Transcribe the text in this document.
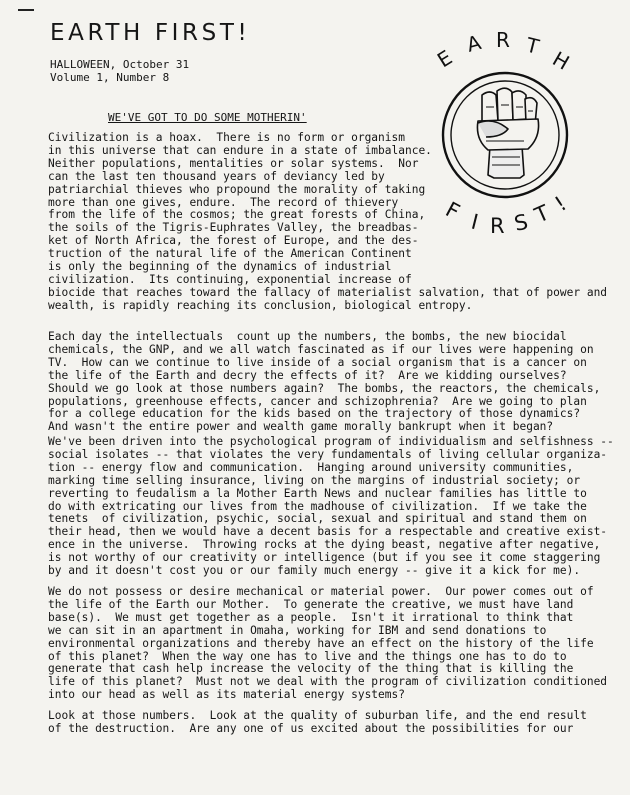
EARTH FIRST!
HALLOWEEN, October 31
Volume 1, Number 8
E
A R T
H
F I R S T
!
WE'VE GOT TO DO SOME MOTHERIN'
Civilization is a hoax.  There is no form or organism
in this universe that can endure in a state of imbalance.
Neither populations, mentalities or solar systems.  Nor
can the last ten thousand years of deviancy led by
patriarchial thieves who propound the morality of taking
more than one gives, endure.  The record of thievery
from the life of the cosmos; the great forests of China,
the soils of the Tigris-Euphrates Valley, the breadbas-
ket of North Africa, the forest of Europe, and the des-
truction of the natural life of the American Continent
is only the beginning of the dynamics of industrial
civilization.  Its continuing, exponential increase of
biocide that reaches toward the fallacy of materialist salvation, that of power and
wealth, is rapidly reaching its conclusion, biological entropy.
Each day the intellectuals  count up the numbers, the bombs, the new biocidal
chemicals, the GNP, and we all watch fascinated as if our lives were happening on
TV.  How can we continue to live inside of a social organism that is a cancer on
the life of the Earth and decry the effects of it?  Are we kidding ourselves?
Should we go look at those numbers again?  The bombs, the reactors, the chemicals,
populations, greenhouse effects, cancer and schizophrenia?  Are we going to plan
for a college education for the kids based on the trajectory of those dynamics?
And wasn't the entire power and wealth game morally bankrupt when it began?
We've been driven into the psychological program of individualism and selfishness --
social isolates -- that violates the very fundamentals of living cellular organiza-
tion -- energy flow and communication.  Hanging around university communities,
marking time selling insurance, living on the margins of industrial society; or
reverting to feudalism a la Mother Earth News and nuclear families has little to
do with extricating our lives from the madhouse of civilization.  If we take the
tenets  of civilization, psychic, social, sexual and spiritual and stand them on
their head, then we would have a decent basis for a respectable and creative exist-
ence in the universe.  Throwing rocks at the dying beast, negative after negative,
is not worthy of our creativity or intelligence (but if you see it come staggering
by and it doesn't cost you or our family much energy -- give it a kick for me).
We do not possess or desire mechanical or material power.  Our power comes out of
the life of the Earth our Mother.  To generate the creative, we must have land
base(s).  We must get together as a people.  Isn't it irrational to think that
we can sit in an apartment in Omaha, working for IBM and send donations to
environmental organizations and thereby have an effect on the history of the life
of this planet?  When the way one has to live and the things one has to do to
generate that cash help increase the velocity of the thing that is killing the
life of this planet?  Must not we deal with the program of civilization conditioned
into our head as well as its material energy systems?
Look at those numbers.  Look at the quality of suburban life, and the end result
of the destruction.  Are any one of us excited about the possibilities for our
